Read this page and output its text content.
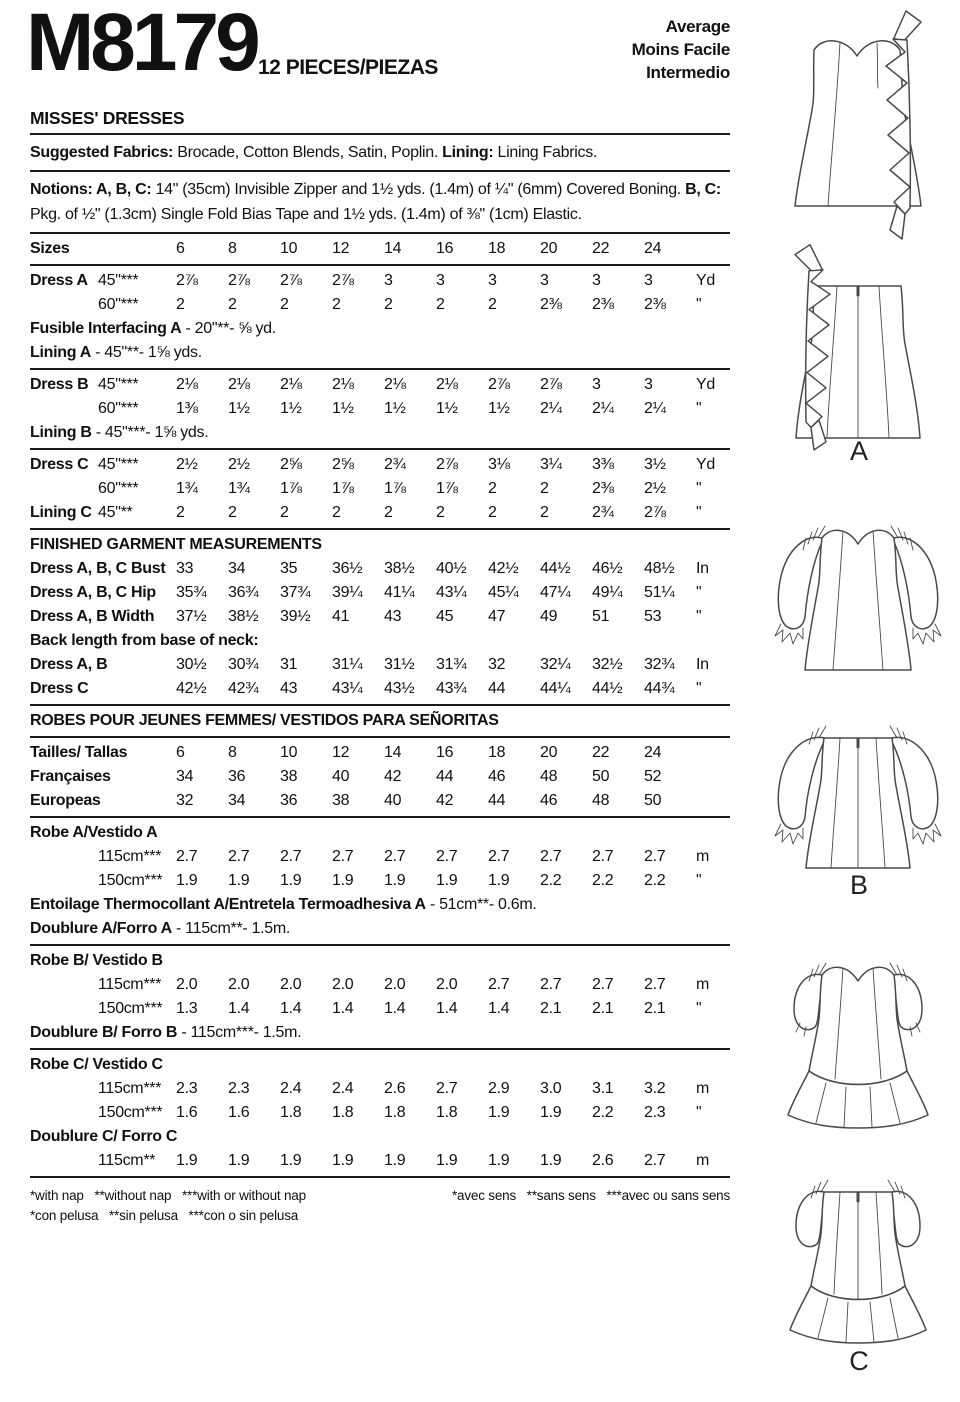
M8179 12 PIECES/PIEZAS
Average
Moins Facile
Intermedio
MISSES' DRESSES

Suggested Fabrics: Brocade, Cotton Blends, Satin, Poplin. Lining: Lining Fabrics.

Notions: A, B, C: 14" (35cm) Invisible Zipper and 1½ yds. (1.4m) of ¼" (6mm) Covered Boning. B, C: Pkg. of ½" (1.3cm) Single Fold Bias Tape and 1½ yds. (1.4m) of ⅜" (1cm) Elastic.

Sizes	6	8	10	12	14	16	18	20	22	24
Dress A 45"***	2⅞	2⅞	2⅞	2⅞	3	3	3	3	3	3	Yd
60"***	2	2	2	2	2	2	2	2⅜	2⅜	2⅜	"
Fusible Interfacing A - 20"**- ⅝ yd.
Lining A - 45"**- 1⅝ yds.
Dress B 45"***	2⅛	2⅛	2⅛	2⅛	2⅛	2⅛	2⅞	2⅞	3	3	Yd
60"***	1⅜	1½	1½	1½	1½	1½	1½	2¼	2¼	2¼	"
Lining B - 45"***- 1⅝ yds.
Dress C 45"***	2½	2½	2⅝	2⅝	2¾	2⅞	3⅛	3¼	3⅜	3½	Yd
60"***	1¾	1¾	1⅞	1⅞	1⅞	1⅞	2	2	2⅜	2½	"
Lining C 45"**	2	2	2	2	2	2	2	2	2¾	2⅞	"
FINISHED GARMENT MEASUREMENTS
Dress A, B, C Bust 33	34	35	36½	38½	40½	42½	44½	46½	48½	In
Dress A, B, C Hip	35¾	36¾	37¾	39¼	41¼	43¼	45¼	47¼	49¼	51¼	"
Dress A, B Width	37½	38½	39½	41	43	45	47	49	51	53	"
Back length from base of neck:
Dress A, B	30½	30¾	31	31¼	31½	31¾	32	32¼	32½	32¾	In
Dress C	42½	42¾	43	43¼	43½	43¾	44	44¼	44½	44¾	"
ROBES POUR JEUNES FEMMES/ VESTIDOS PARA SEÑORITAS
Tailles/ Tallas	6	8	10	12	14	16	18	20	22	24
Françaises	34	36	38	40	42	44	46	48	50	52
Europeas	32	34	36	38	40	42	44	46	48	50
Robe A/Vestido A
115cm*** 2.7	2.7	2.7	2.7	2.7	2.7	2.7	2.7	2.7	2.7	m
150cm*** 1.9	1.9	1.9	1.9	1.9	1.9	1.9	2.2	2.2	2.2	"
Entoilage Thermocollant A/Entretela Termoadhesiva A - 51cm**- 0.6m.
Doublure A/Forro A - 115cm**- 1.5m.
Robe B/ Vestido B
115cm*** 2.0	2.0	2.0	2.0	2.0	2.0	2.7	2.7	2.7	2.7	m
150cm*** 1.3	1.4	1.4	1.4	1.4	1.4	1.4	2.1	2.1	2.1	"
Doublure B/ Forro B - 115cm***- 1.5m.
Robe C/ Vestido C
115cm*** 2.3	2.3	2.4	2.4	2.6	2.7	2.9	3.0	3.1	3.2	m
150cm*** 1.6	1.6	1.8	1.8	1.8	1.8	1.9	1.9	2.2	2.3	"
Doublure C/ Forro C
115cm**	1.9	1.9	1.9	1.9	1.9	1.9	1.9	1.9	2.6	2.7	m
*with nap   **without nap   ***with or without nap	*avec sens   **sans sens   ***avec ou sans sens
*con pelusa   **sin pelusa   ***con o sin pelusa
A
B
C
